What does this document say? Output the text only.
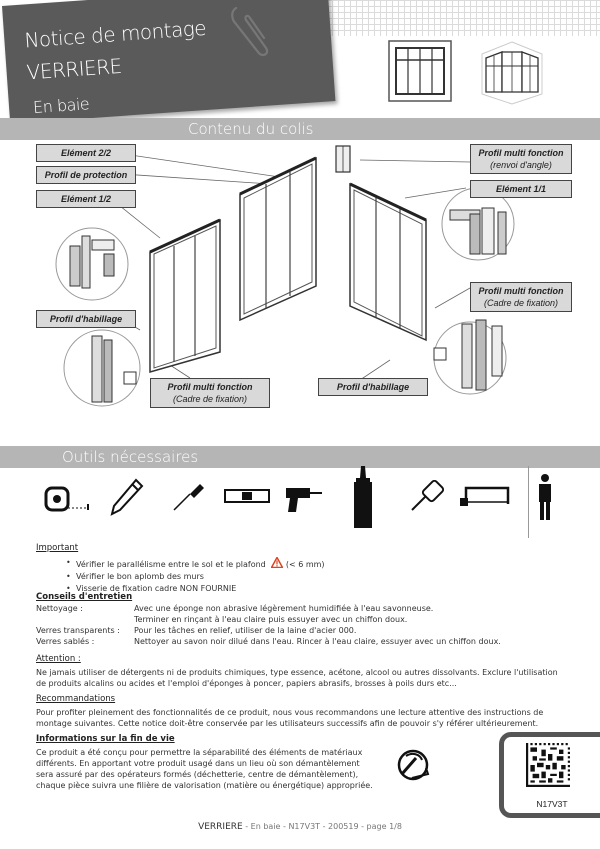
Notice de montage
VERRIERE
En baie
Contenu du colis
Elément 2/2
Profil de protection
Elément 1/2
Profil d'habillage
Profil multi fonction
(Cadre de fixation)
Profil d'habillage
Profil multi fonction
(renvoi d'angle)
Elément 1/1
Profil multi fonction
(Cadre de fixation)
Outils nécessaires
Important
• Vérifier le parallélisme entre le sol et le plafond	(< 6 mm)
• Vérifier le bon aplomb des murs
• Visserie de fixation cadre NON FOURNIE
Conseils d'entretien
Nettoyage :	Avec une éponge non abrasive légèrement humidifiée à l'eau savonneuse.
Terminer en rinçant à l'eau claire puis essuyer avec un chiffon doux.
Verres transparents :	Pour les tâches en relief, utiliser de la laine d'acier 000.
Verres sablés :	Nettoyer au savon noir dilué dans l'eau. Rincer à l'eau claire, essuyer avec un chiffon doux.
Attention :
Ne jamais utiliser de détergents ni de produits chimiques, type essence, acétone, alcool ou autres dissolvants. Exclure l'utilisation de produits alcalins ou acides et l'emploi d'éponges à poncer, papiers abrasifs, brosses à poils durs etc...
Recommandations
Pour profiter pleinement des fonctionnalités de ce produit, nous vous recommandons une lecture attentive des instructions de montage suivantes. Cette notice doit-être conservée par les utilisateurs successifs afin de pouvoir s'y référer ultérieurement.
Informations sur la fin de vie
Ce produit a été conçu pour permettre la séparabilité des éléments de matériaux différents. En apportant votre produit usagé dans un lieu où son démantèlement sera assuré par des opérateurs formés (déchetterie, centre de démantèlement), chaque pièce suivra une filière de valorisation (matière ou énergétique) appropriée.
N17V3T
VERRIERE - En baie - N17V3T - 200519 - page 1/8
